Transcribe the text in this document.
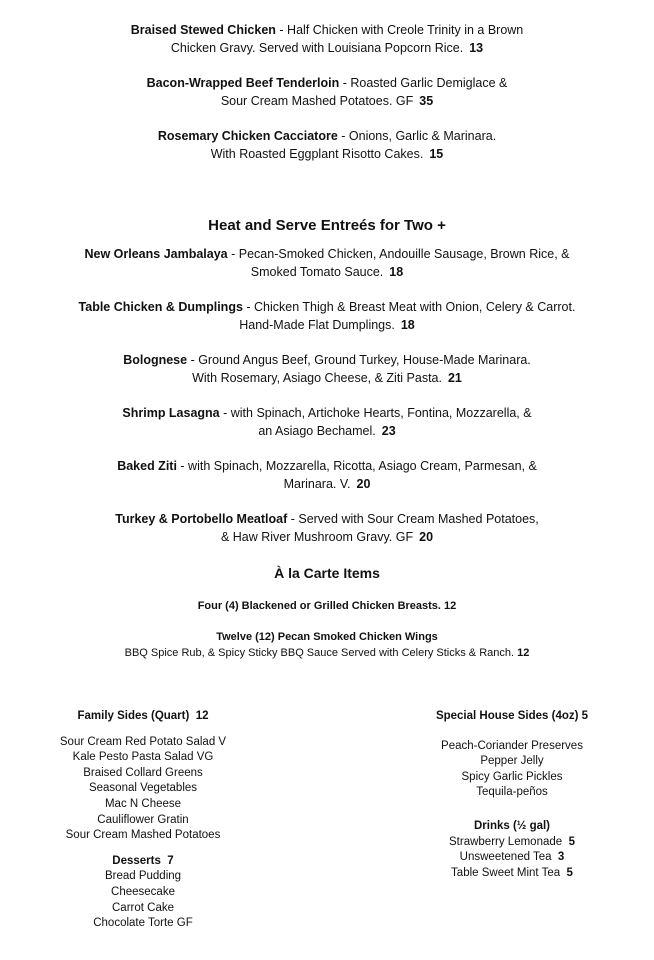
Braised Stewed Chicken - Half Chicken with Creole Trinity in a Brown
Chicken Gravy. Served with Louisiana Popcorn Rice. 13
Bacon-Wrapped Beef Tenderloin - Roasted Garlic Demiglace &
Sour Cream Mashed Potatoes. GF 35
Rosemary Chicken Cacciatore - Onions, Garlic & Marinara.
With Roasted Eggplant Risotto Cakes. 15
Heat and Serve Entreés for Two +
New Orleans Jambalaya - Pecan-Smoked Chicken, Andouille Sausage, Brown Rice, &
Smoked Tomato Sauce. 18
Table Chicken & Dumplings - Chicken Thigh & Breast Meat with Onion, Celery & Carrot.
Hand-Made Flat Dumplings. 18
Bolognese - Ground Angus Beef, Ground Turkey, House-Made Marinara.
With Rosemary, Asiago Cheese, & Ziti Pasta. 21
Shrimp Lasagna - with Spinach, Artichoke Hearts, Fontina, Mozzarella, &
an Asiago Bechamel. 23
Baked Ziti - with Spinach, Mozzarella, Ricotta, Asiago Cream, Parmesan, &
Marinara. V. 20
Turkey & Portobello Meatloaf - Served with Sour Cream Mashed Potatoes,
& Haw River Mushroom Gravy. GF 20
À la Carte Items
Four (4) Blackened or Grilled Chicken Breasts. 12
Twelve (12) Pecan Smoked Chicken Wings
BBQ Spice Rub, & Spicy Sticky BBQ Sauce Served with Celery Sticks & Ranch. 12
Family Sides (Quart) 12
Sour Cream Red Potato Salad V
Kale Pesto Pasta Salad VG
Braised Collard Greens
Seasonal Vegetables
Mac N Cheese
Cauliflower Gratin
Sour Cream Mashed Potatoes
Desserts 7
Bread Pudding
Cheesecake
Carrot Cake
Chocolate Torte GF
Special House Sides (4oz) 5
Peach-Coriander Preserves
Pepper Jelly
Spicy Garlic Pickles
Tequila-peños
Drinks (½ gal)
Strawberry Lemonade 5
Unsweetened Tea 3
Table Sweet Mint Tea 5
